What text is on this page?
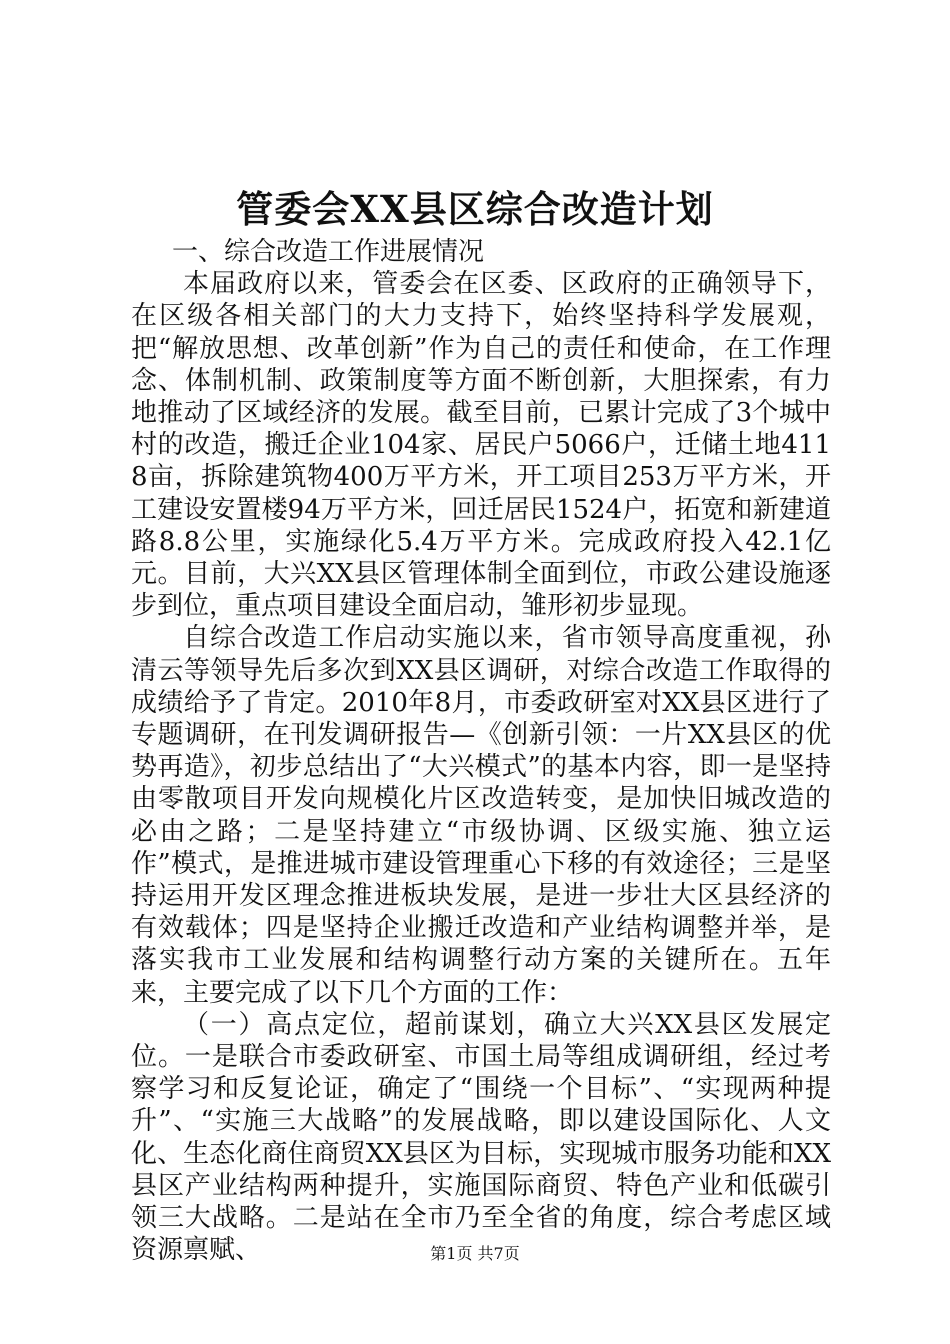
管委会XX县区综合改造计划

一、综合改造工作进展情况

本届政府以来，管委会在区委、区政府的正确领导下，在区级各相关部门的大力支持下，始终坚持科学发展观，把“解放思想、改革创新”作为自己的责任和使命，在工作理念、体制机制、政策制度等方面不断创新，大胆探索，有力地推动了区域经济的发展。截至目前，已累计完成了3个城中村的改造，搬迁企业104家、居民户5066户，迁储土地4118亩，拆除建筑物400万平方米，开工项目253万平方米，开工建设安置楼94万平方米，回迁居民1524户，拓宽和新建道路8.8公里，实施绿化5.4万平方米。完成政府投入42.1亿元。目前，大兴XX县区管理体制全面到位，市政公建设施逐步到位，重点项目建设全面启动，雏形初步显现。

自综合改造工作启动实施以来，省市领导高度重视，孙清云等领导先后多次到XX县区调研，对综合改造工作取得的成绩给予了肯定。2010年8月，市委政研室对XX县区进行了专题调研，在刊发调研报告—《创新引领：一片XX县区的优势再造》，初步总结出了“大兴模式”的基本内容，即一是坚持由零散项目开发向规模化片区改造转变，是加快旧城改造的必由之路；二是坚持建立“市级协调、区级实施、独立运作”模式，是推进城市建设管理重心下移的有效途径；三是坚持运用开发区理念推进板块发展，是进一步壮大区县经济的有效载体；四是坚持企业搬迁改造和产业结构调整并举，是落实我市工业发展和结构调整行动方案的关键所在。五年来，主要完成了以下几个方面的工作：

（一）高点定位，超前谋划，确立大兴XX县区发展定位。一是联合市委政研室、市国土局等组成调研组，经过考察学习和反复论证，确定了“围绕一个目标”、“实现两种提升”、“实施三大战略”的发展战略，即以建设国际化、人文化、生态化商住商贸XX县区为目标，实现城市服务功能和XX县区产业结构两种提升，实施国际商贸、特色产业和低碳引领三大战略。二是站在全市乃至全省的角度，综合考虑区域资源禀赋、	第1页 共7页
